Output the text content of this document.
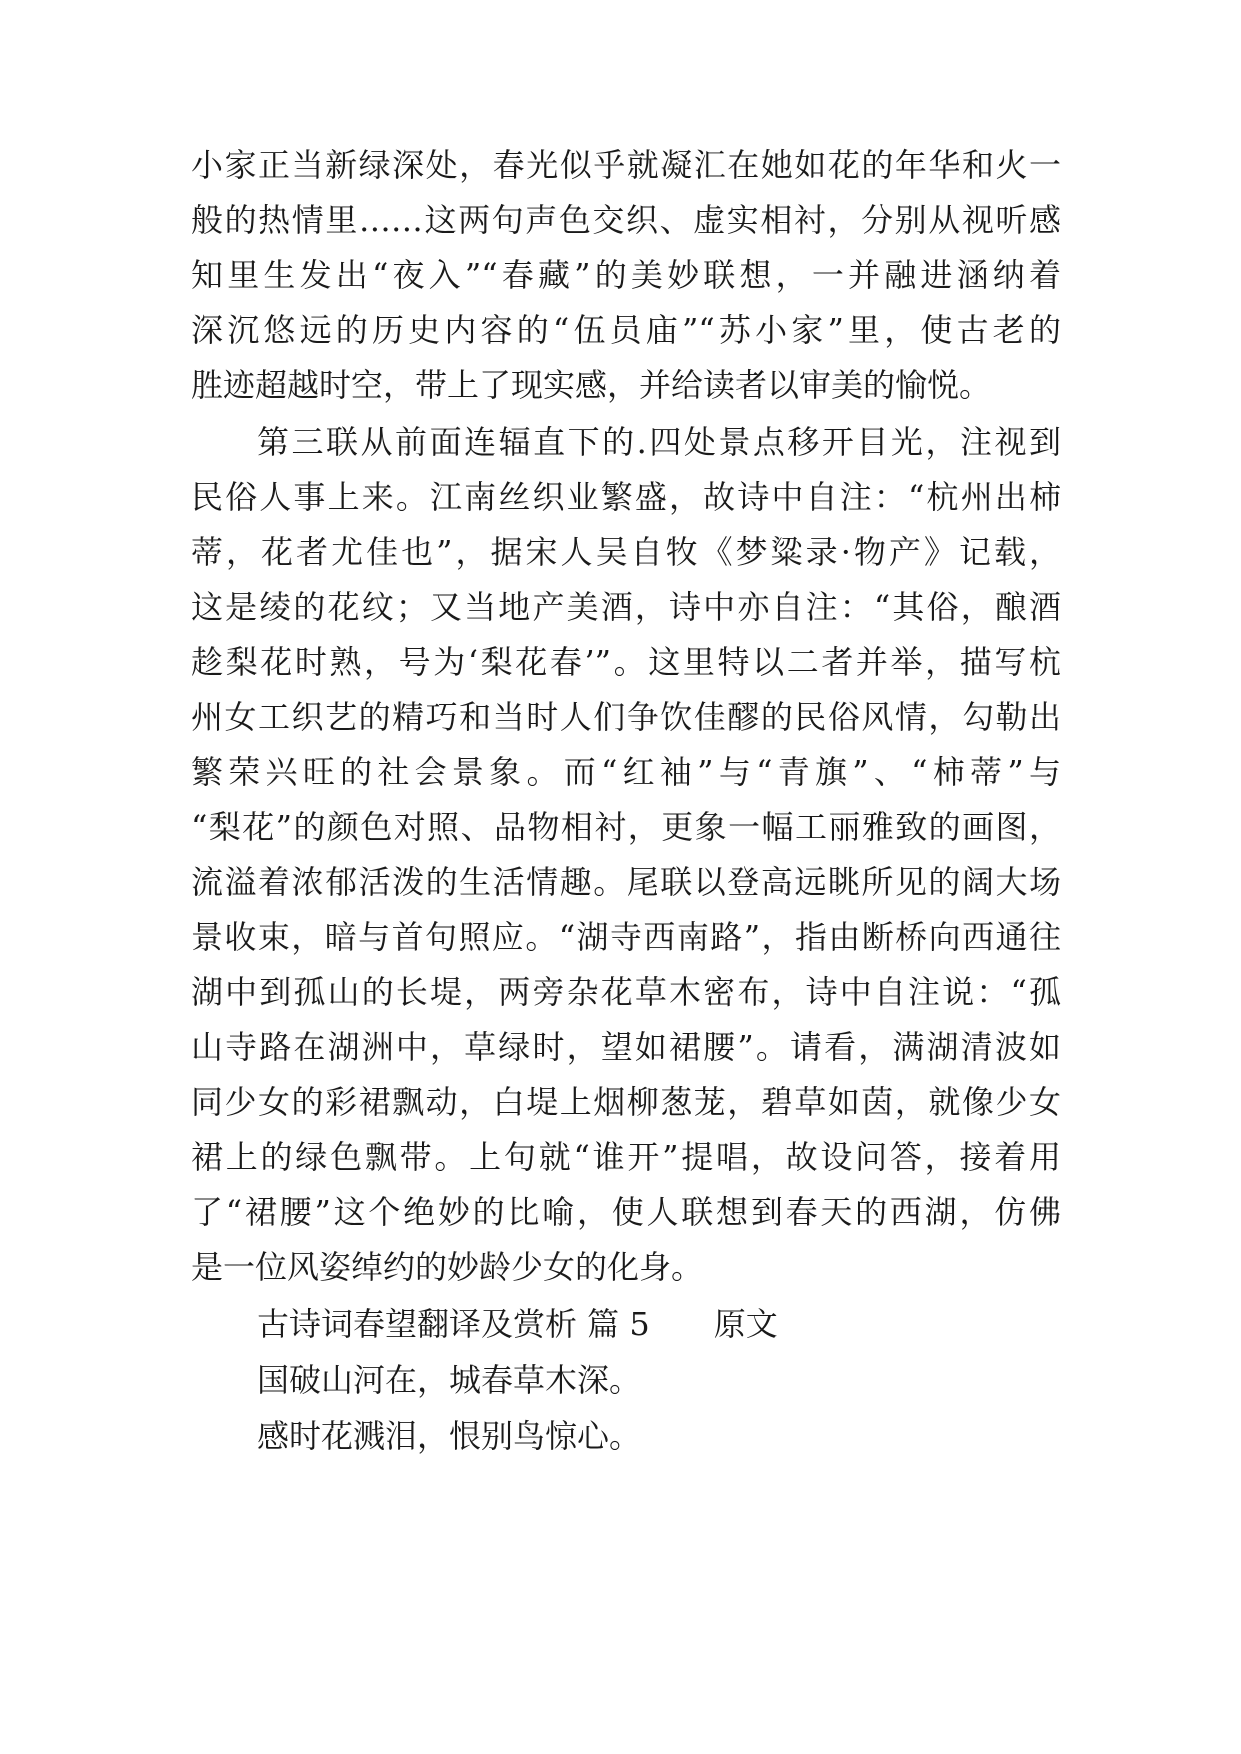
小家正当新绿深处，春光似乎就凝汇在她如花的年华和火一
般的热情里……这两句声色交织、虚实相衬，分别从视听感
知里生发出“夜入”“春藏”的美妙联想，一并融进涵纳着
深沉悠远的历史内容的“伍员庙”“苏小家”里，使古老的
胜迹超越时空，带上了现实感，并给读者以审美的愉悦。
第三联从前面连辐直下的.四处景点移开目光，注视到
民俗人事上来。江南丝织业繁盛，故诗中自注：“杭州出柿
蒂，花者尤佳也”，据宋人吴自牧《梦粱录·物产》记载，
这是绫的花纹；又当地产美酒，诗中亦自注：“其俗，酿酒
趁梨花时熟，号为‘梨花春’”。这里特以二者并举，描写杭
州女工织艺的精巧和当时人们争饮佳醪的民俗风情，勾勒出
繁荣兴旺的社会景象。而“红袖”与“青旗”、“柿蒂”与
“梨花”的颜色对照、品物相衬，更象一幅工丽雅致的画图，
流溢着浓郁活泼的生活情趣。尾联以登高远眺所见的阔大场
景收束，暗与首句照应。“湖寺西南路”，指由断桥向西通往
湖中到孤山的长堤，两旁杂花草木密布，诗中自注说：“孤
山寺路在湖洲中，草绿时，望如裙腰”。请看，满湖清波如
同少女的彩裙飘动，白堤上烟柳葱茏，碧草如茵，就像少女
裙上的绿色飘带。上句就“谁开”提唱，故设问答，接着用
了“裙腰”这个绝妙的比喻，使人联想到春天的西湖，仿佛
是一位风姿绰约的妙龄少女的化身。
古诗词春望翻译及赏析 篇 5 原文
国破山河在，城春草木深。
感时花溅泪，恨别鸟惊心。
